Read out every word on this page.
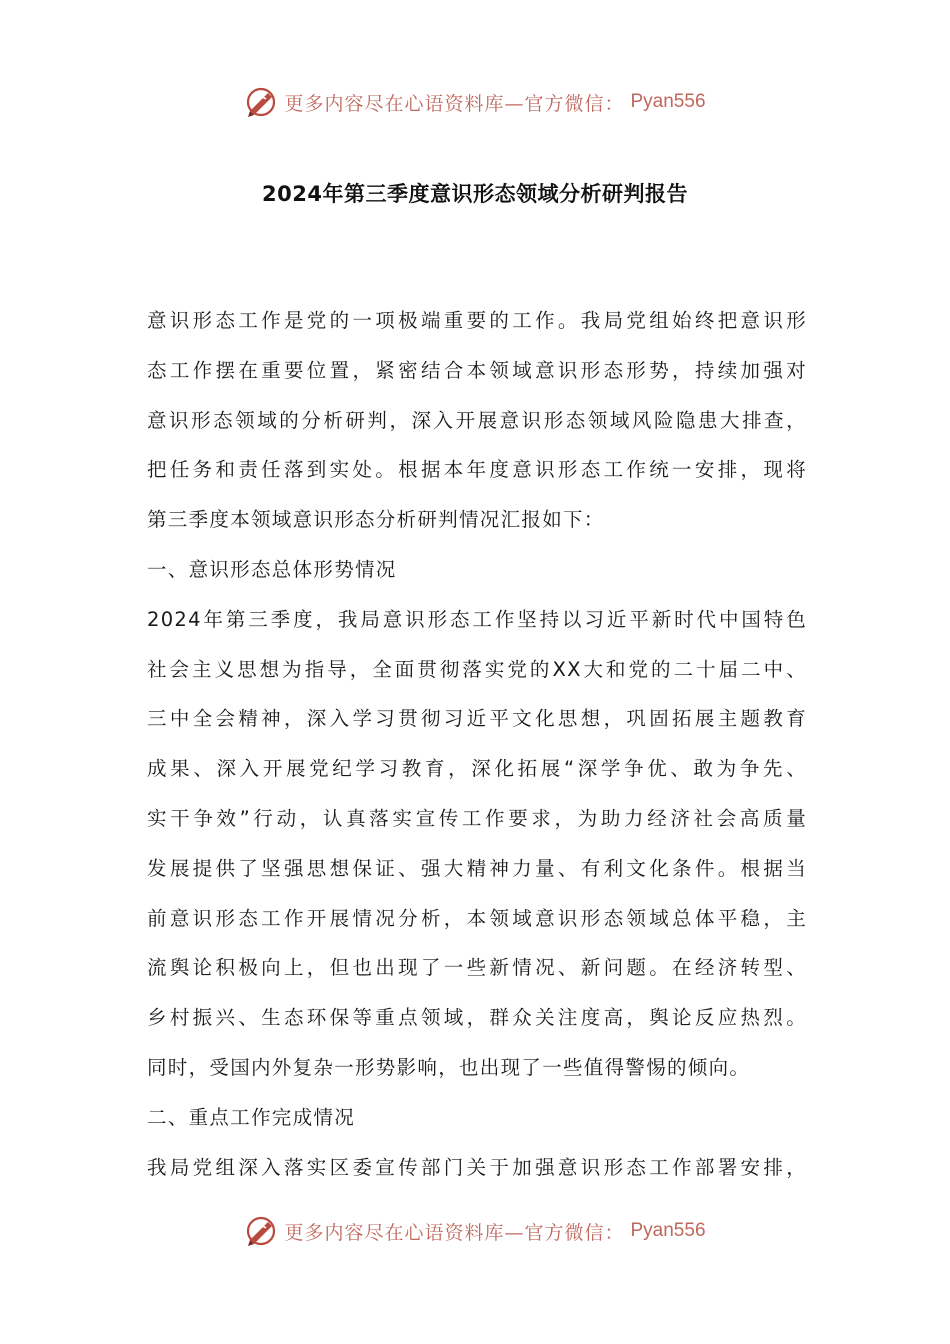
更多内容尽在心语资料库—官方微信： Pyan556
2024年第三季度意识形态领域分析研判报告
意识形态工作是党的一项极端重要的工作。我局党组始终把意识形
态工作摆在重要位置，紧密结合本领域意识形态形势，持续加强对
意识形态领域的分析研判，深入开展意识形态领域风险隐患大排查，
把任务和责任落到实处。根据本年度意识形态工作统一安排，现将
第三季度本领域意识形态分析研判情况汇报如下：
一、意识形态总体形势情况
2024年第三季度，我局意识形态工作坚持以习近平新时代中国特色
社会主义思想为指导，全面贯彻落实党的XX大和党的二十届二中、
三中全会精神，深入学习贯彻习近平文化思想，巩固拓展主题教育
成果、深入开展党纪学习教育，深化拓展“深学争优、敢为争先、
实干争效”行动，认真落实宣传工作要求，为助力经济社会高质量
发展提供了坚强思想保证、强大精神力量、有利文化条件。根据当
前意识形态工作开展情况分析，本领域意识形态领域总体平稳，主
流舆论积极向上，但也出现了一些新情况、新问题。在经济转型、
乡村振兴、生态环保等重点领域，群众关注度高，舆论反应热烈。
同时，受国内外复杂一形势影响，也出现了一些值得警惕的倾向。
二、重点工作完成情况
我局党组深入落实区委宣传部门关于加强意识形态工作部署安排，
更多内容尽在心语资料库—官方微信： Pyan556
